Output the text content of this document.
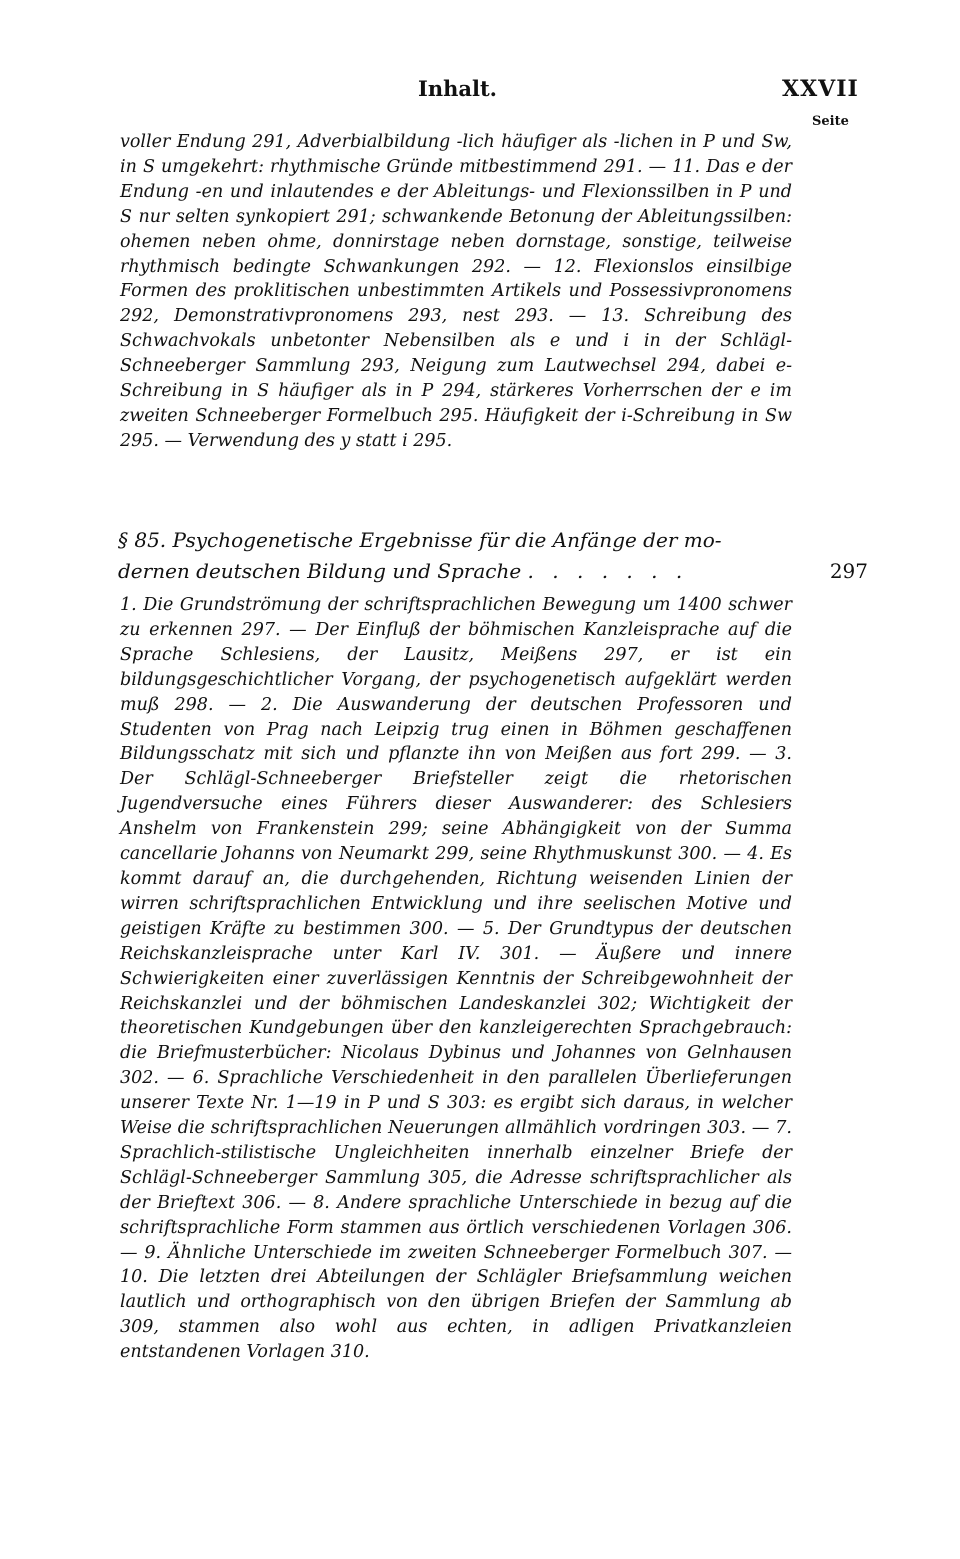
Inhalt.	XXVII
Seite
voller Endung 291, Adverbialbildung -lich häufiger als -lichen in P und Sw, in S umgekehrt: rhythmische Gründe mitbestimmend 291. — 11. Das e der Endung -en und inlautendes e der Ableitungs- und Flexionssilben in P und S nur selten synkopiert 291; schwankende Betonung der Ableitungssilben: ohemen neben ohme, donnirstage neben dornstage, sonstige, teilweise rhythmisch bedingte Schwankungen 292. — 12. Flexionslos einsilbige Formen des proklitischen unbestimmten Artikels und Possessivpronomens 292, Demonstrativpronomens 293, nest 293. — 13. Schreibung des Schwachvokals unbetonter Nebensilben als e und i in der Schlägl-Schneeberger Sammlung 293, Neigung zum Lautwechsel 294, dabei e-Schreibung in S häufiger als in P 294, stärkeres Vorherrschen der e im zweiten Schneeberger Formelbuch 295. Häufigkeit der i-Schreibung in Sw 295. — Verwendung des y statt i 295.
§ 85. Psychogenetische Ergebnisse für die Anfänge der mo-
dernen deutschen Bildung und Sprache . . . . . . .	297
1. Die Grundströmung der schriftsprachlichen Bewegung um 1400 schwer zu erkennen 297. — Der Einfluß der böhmischen Kanzleisprache auf die Sprache Schlesiens, der Lausitz, Meißens 297, er ist ein bildungsgeschichtlicher Vorgang, der psychogenetisch aufgeklärt werden muß 298. — 2. Die Auswanderung der deutschen Professoren und Studenten von Prag nach Leipzig trug einen in Böhmen geschaffenen Bildungsschatz mit sich und pflanzte ihn von Meißen aus fort 299. — 3. Der Schlägl-Schneeberger Briefsteller zeigt die rhetorischen Jugendversuche eines Führers dieser Auswanderer: des Schlesiers Anshelm von Frankenstein 299; seine Abhängigkeit von der Summa cancellarie Johanns von Neumarkt 299, seine Rhythmuskunst 300. — 4. Es kommt darauf an, die durchgehenden, Richtung weisenden Linien der wirren schriftsprachlichen Entwicklung und ihre seelischen Motive und geistigen Kräfte zu bestimmen 300. — 5. Der Grundtypus der deutschen Reichskanzleisprache unter Karl IV. 301. — Äußere und innere Schwierigkeiten einer zuverlässigen Kenntnis der Schreibgewohnheit der Reichskanzlei und der böhmischen Landeskanzlei 302; Wichtigkeit der theoretischen Kundgebungen über den kanzleigerechten Sprachgebrauch: die Briefmusterbücher: Nicolaus Dybinus und Johannes von Gelnhausen 302. — 6. Sprachliche Verschiedenheit in den parallelen Überlieferungen unserer Texte Nr. 1—19 in P und S 303: es ergibt sich daraus, in welcher Weise die schriftsprachlichen Neuerungen allmählich vordringen 303. — 7. Sprachlich-stilistische Ungleichheiten innerhalb einzelner Briefe der Schlägl-Schneeberger Sammlung 305, die Adresse schriftsprachlicher als der Brieftext 306. — 8. Andere sprachliche Unterschiede in bezug auf die schriftsprachliche Form stammen aus örtlich verschiedenen Vorlagen 306. — 9. Ähnliche Unterschiede im zweiten Schneeberger Formelbuch 307. — 10. Die letzten drei Abteilungen der Schlägler Briefsammlung weichen lautlich und orthographisch von den übrigen Briefen der Sammlung ab 309, stammen also wohl aus echten, in adligen Privatkanzleien entstandenen Vorlagen 310.
